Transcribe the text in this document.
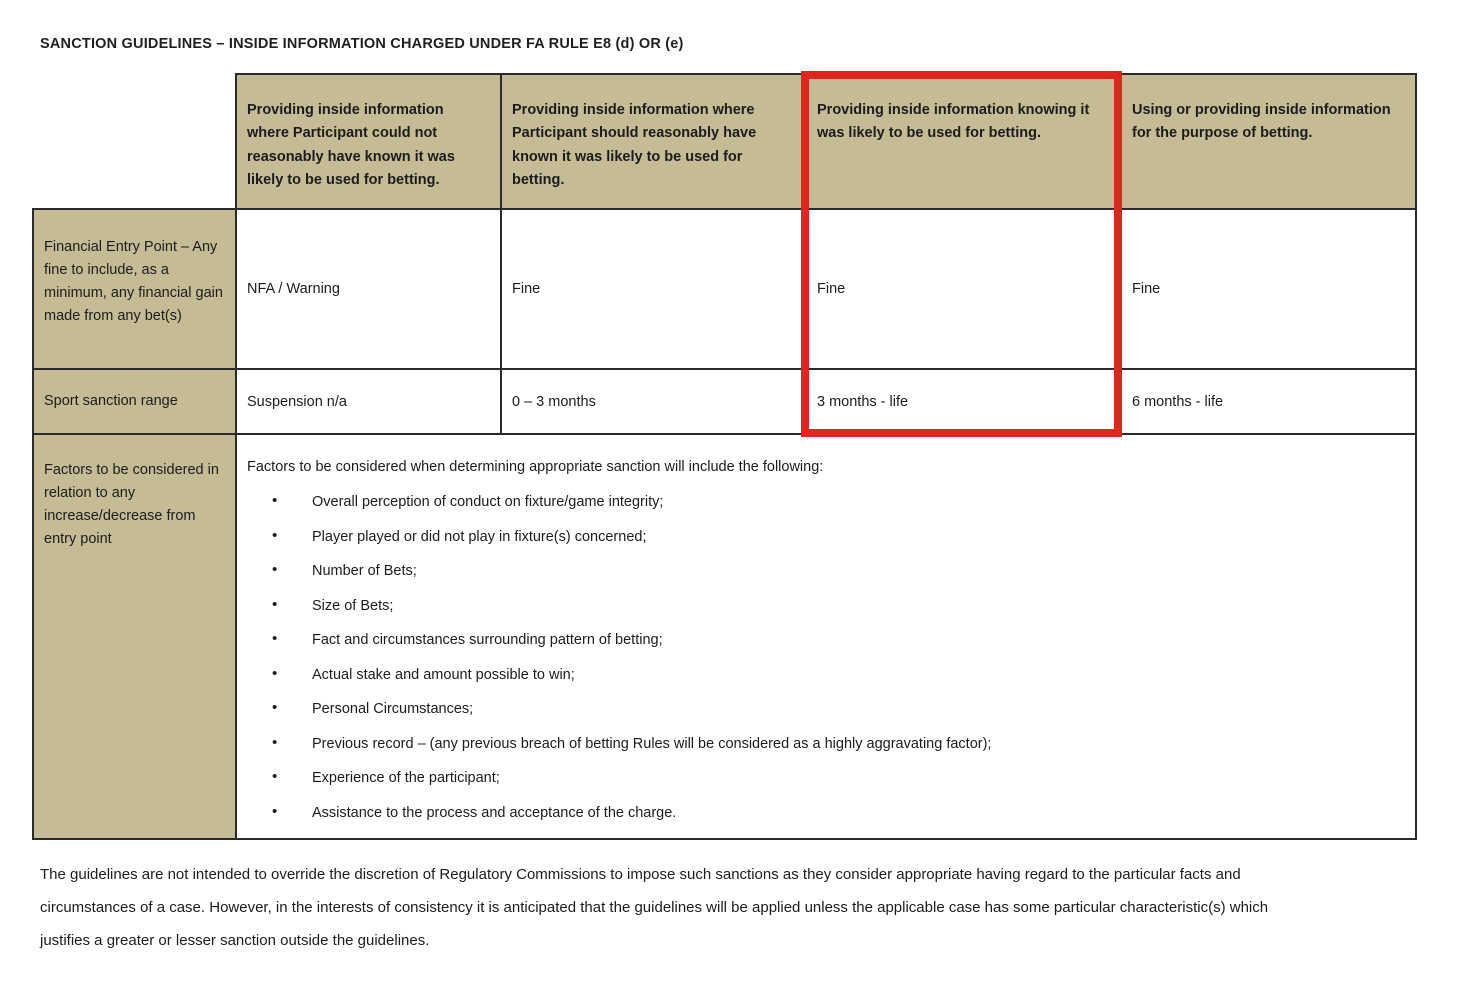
SANCTION GUIDELINES – INSIDE INFORMATION CHARGED UNDER FA RULE E8 (d) OR (e)
	Providing inside information where Participant could not reasonably have known it was likely to be used for betting.	Providing inside information where Participant should reasonably have known it was likely to be used for betting.	Providing inside information knowing it was likely to be used for betting.	Using or providing inside information for the purpose of betting.
Financial Entry Point – Any fine to include, as a minimum, any financial gain made from any bet(s)	NFA / Warning	Fine	Fine	Fine
Sport sanction range	Suspension n/a	0 – 3 months	3 months - life	6 months - life
Factors to be considered in relation to any increase/decrease from entry point	
Factors to be considered when determining appropriate sanction will include the following:
• Overall perception of conduct on fixture/game integrity;
• Player played or did not play in fixture(s) concerned;
• Number of Bets;
• Size of Bets;
• Fact and circumstances surrounding pattern of betting;
• Actual stake and amount possible to win;
• Personal Circumstances;
• Previous record – (any previous breach of betting Rules will be considered as a highly aggravating factor);
• Experience of the participant;
• Assistance to the process and acceptance of the charge.
The guidelines are not intended to override the discretion of Regulatory Commissions to impose such sanctions as they consider appropriate having regard to the particular facts and
circumstances of a case. However, in the interests of consistency it is anticipated that the guidelines will be applied unless the applicable case has some particular characteristic(s) which
justifies a greater or lesser sanction outside the guidelines.
